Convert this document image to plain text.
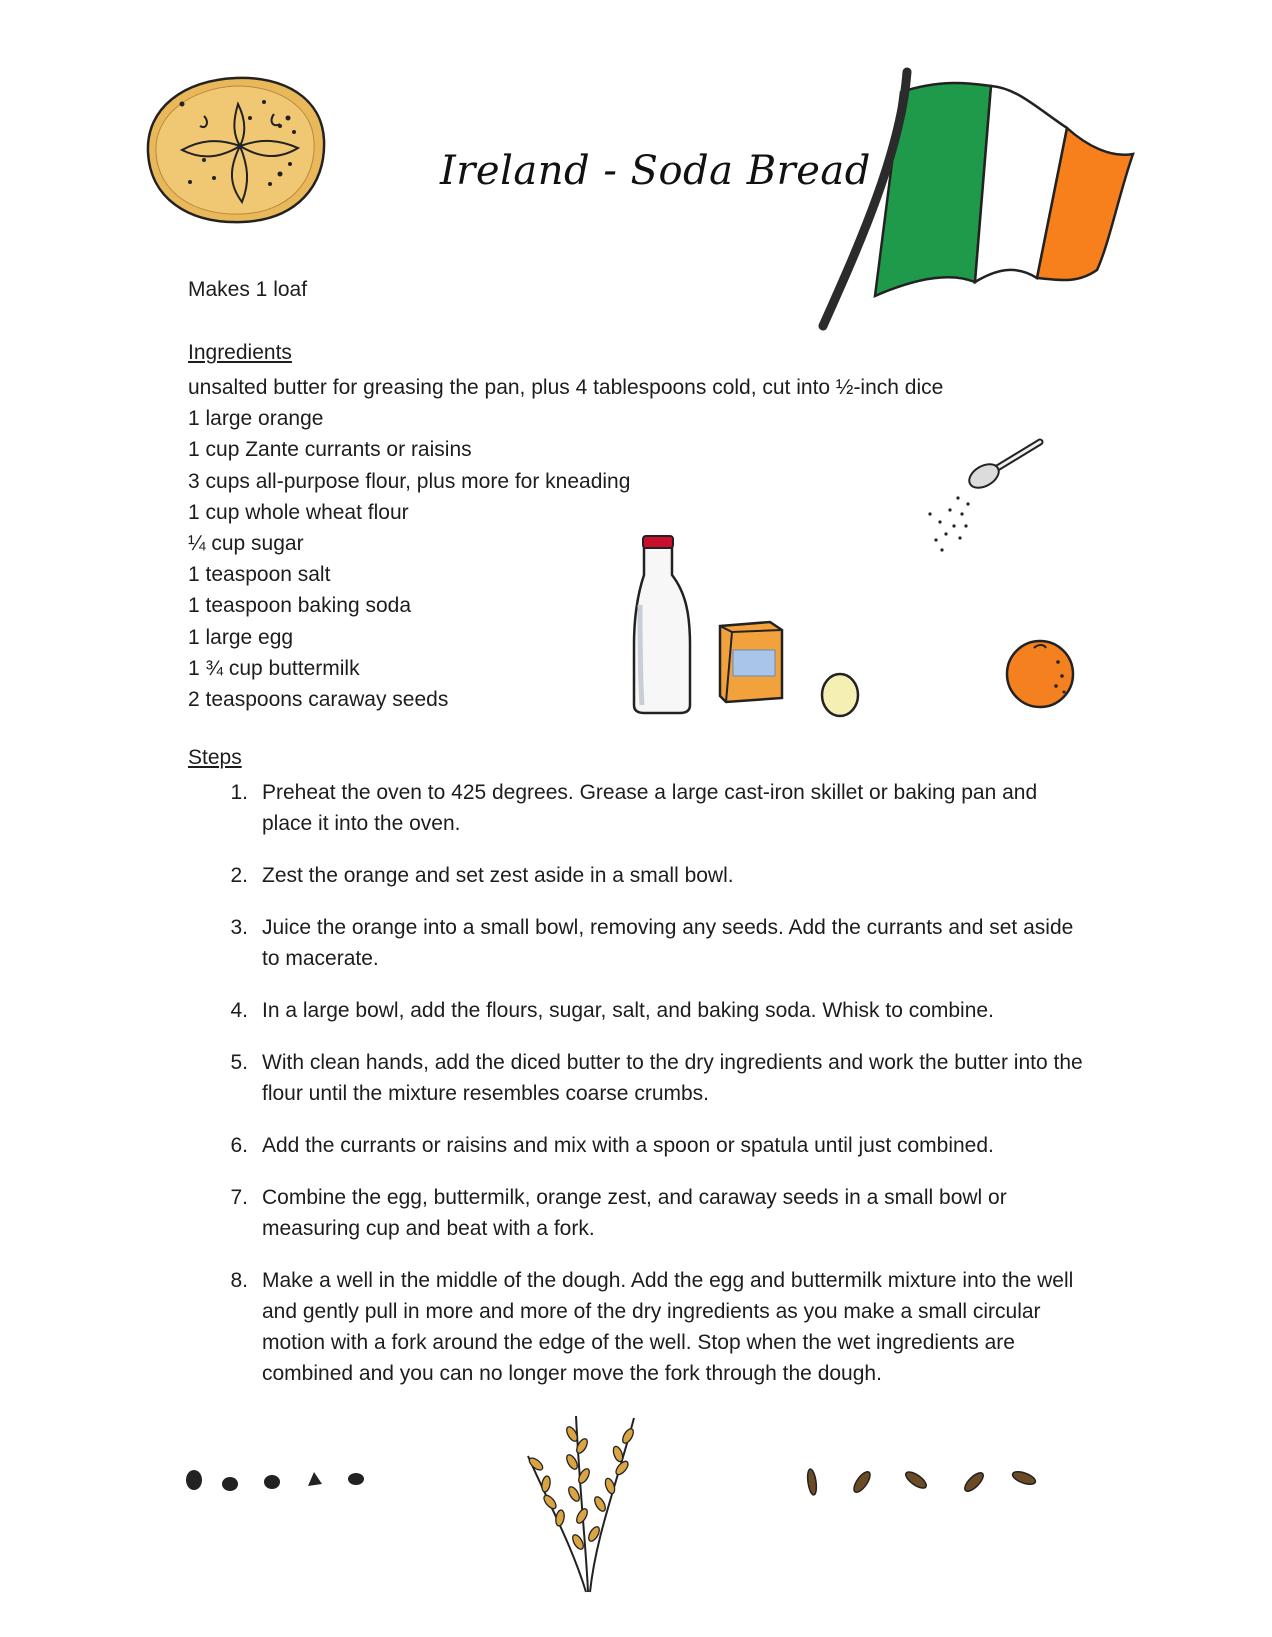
Ireland - Soda Bread
Makes 1 loaf
Ingredients
unsalted butter for greasing the pan, plus 4 tablespoons cold, cut into ½-inch dice
1 large orange
1 cup Zante currants or raisins
3 cups all-purpose flour, plus more for kneading
1 cup whole wheat flour
¼ cup sugar
1 teaspoon salt
1 teaspoon baking soda
1 large egg
1 ¾ cup buttermilk
2 teaspoons caraway seeds
Steps
1. Preheat the oven to 425 degrees. Grease a large cast-iron skillet or baking pan and place it into the oven.
2. Zest the orange and set zest aside in a small bowl.
3. Juice the orange into a small bowl, removing any seeds. Add the currants and set aside to macerate.
4. In a large bowl, add the flours, sugar, salt, and baking soda. Whisk to combine.
5. With clean hands, add the diced butter to the dry ingredients and work the butter into the flour until the mixture resembles coarse crumbs.
6. Add the currants or raisins and mix with a spoon or spatula until just combined.
7. Combine the egg, buttermilk, orange zest, and caraway seeds in a small bowl or measuring cup and beat with a fork.
8. Make a well in the middle of the dough. Add the egg and buttermilk mixture into the well and gently pull in more and more of the dry ingredients as you make a small circular motion with a fork around the edge of the well. Stop when the wet ingredients are combined and you can no longer move the fork through the dough.
